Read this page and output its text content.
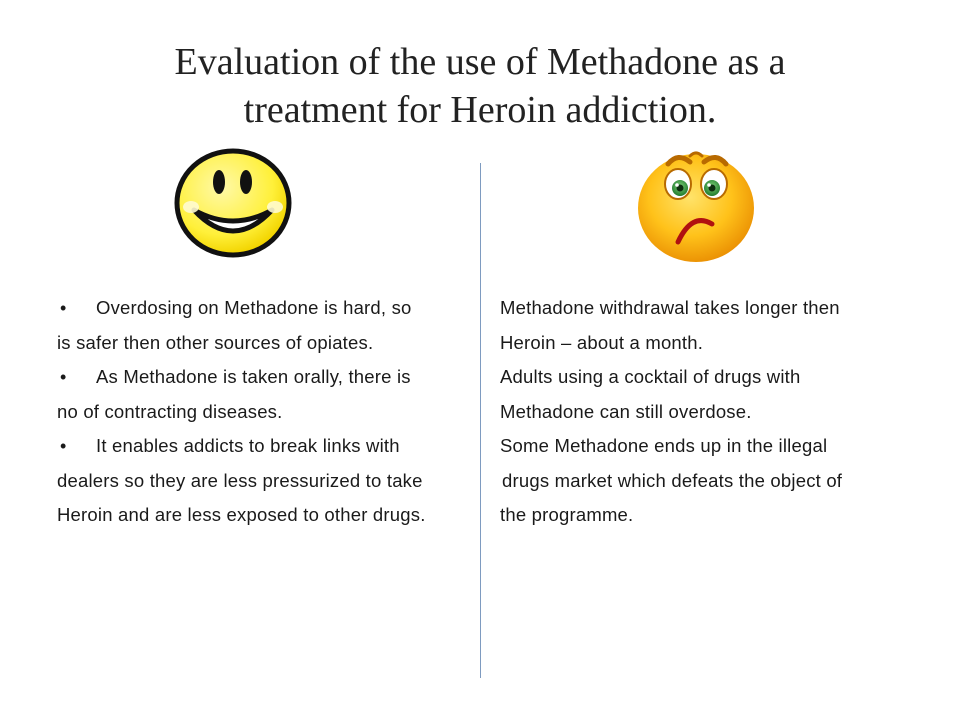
Evaluation of the use of Methadone as a
treatment for Heroin addiction.
• Overdosing on Methadone is hard, so
is safer then other sources of opiates.
• As Methadone is taken orally, there is
no of contracting diseases.
• It enables addicts to break links with
dealers so they are less pressurized to take
Heroin and are less exposed to other drugs.
Methadone withdrawal takes longer then
Heroin – about a month.
Adults using a cocktail of drugs with
Methadone can still overdose.
Some Methadone ends up in the illegal
drugs market which defeats the object of
the programme.
